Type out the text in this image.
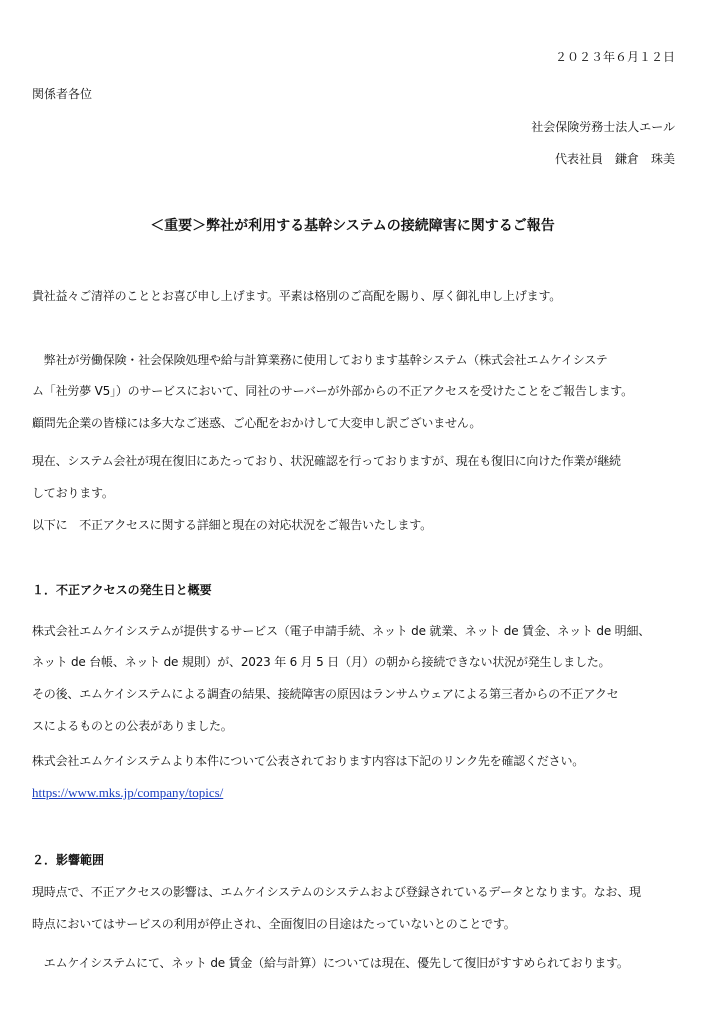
２０２３年６月１２日
関係者各位
社会保険労務士法人エール
代表社員　鎌倉　珠美
＜重要＞弊社が利用する基幹システムの接続障害に関するご報告
貴社益々ご清祥のこととお喜び申し上げます。平素は格別のご高配を賜り、厚く御礼申し上げます。
　弊社が労働保険・社会保険処理や給与計算業務に使用しております基幹システム（株式会社エムケイシステ
ム「社労夢 V5」）のサービスにおいて、同社のサーバーが外部からの不正アクセスを受けたことをご報告します。
顧問先企業の皆様には多大なご迷惑、ご心配をおかけして大変申し訳ございません。
現在、システム会社が現在復旧にあたっており、状況確認を行っておりますが、現在も復旧に向けた作業が継続
しております。
以下に　不正アクセスに関する詳細と現在の対応状況をご報告いたします。
１．不正アクセスの発生日と概要
株式会社エムケイシステムが提供するサービス（電子申請手続、ネット de 就業、ネット de 賃金、ネット de 明細、
ネット de 台帳、ネット de 規則）が、2023 年 6 月 5 日（月）の朝から接続できない状況が発生しました。
その後、エムケイシステムによる調査の結果、接続障害の原因はランサムウェアによる第三者からの不正アクセ
スによるものとの公表がありました。
株式会社エムケイシステムより本件について公表されております内容は下記のリンク先を確認ください。
https://www.mks.jp/company/topics/
２．影響範囲
現時点で、不正アクセスの影響は、エムケイシステムのシステムおよび登録されているデータとなります。なお、現
時点においてはサービスの利用が停止され、全面復旧の目途はたっていないとのことです。
　エムケイシステムにて、ネット de 賃金（給与計算）については現在、優先して復旧がすすめられております。
